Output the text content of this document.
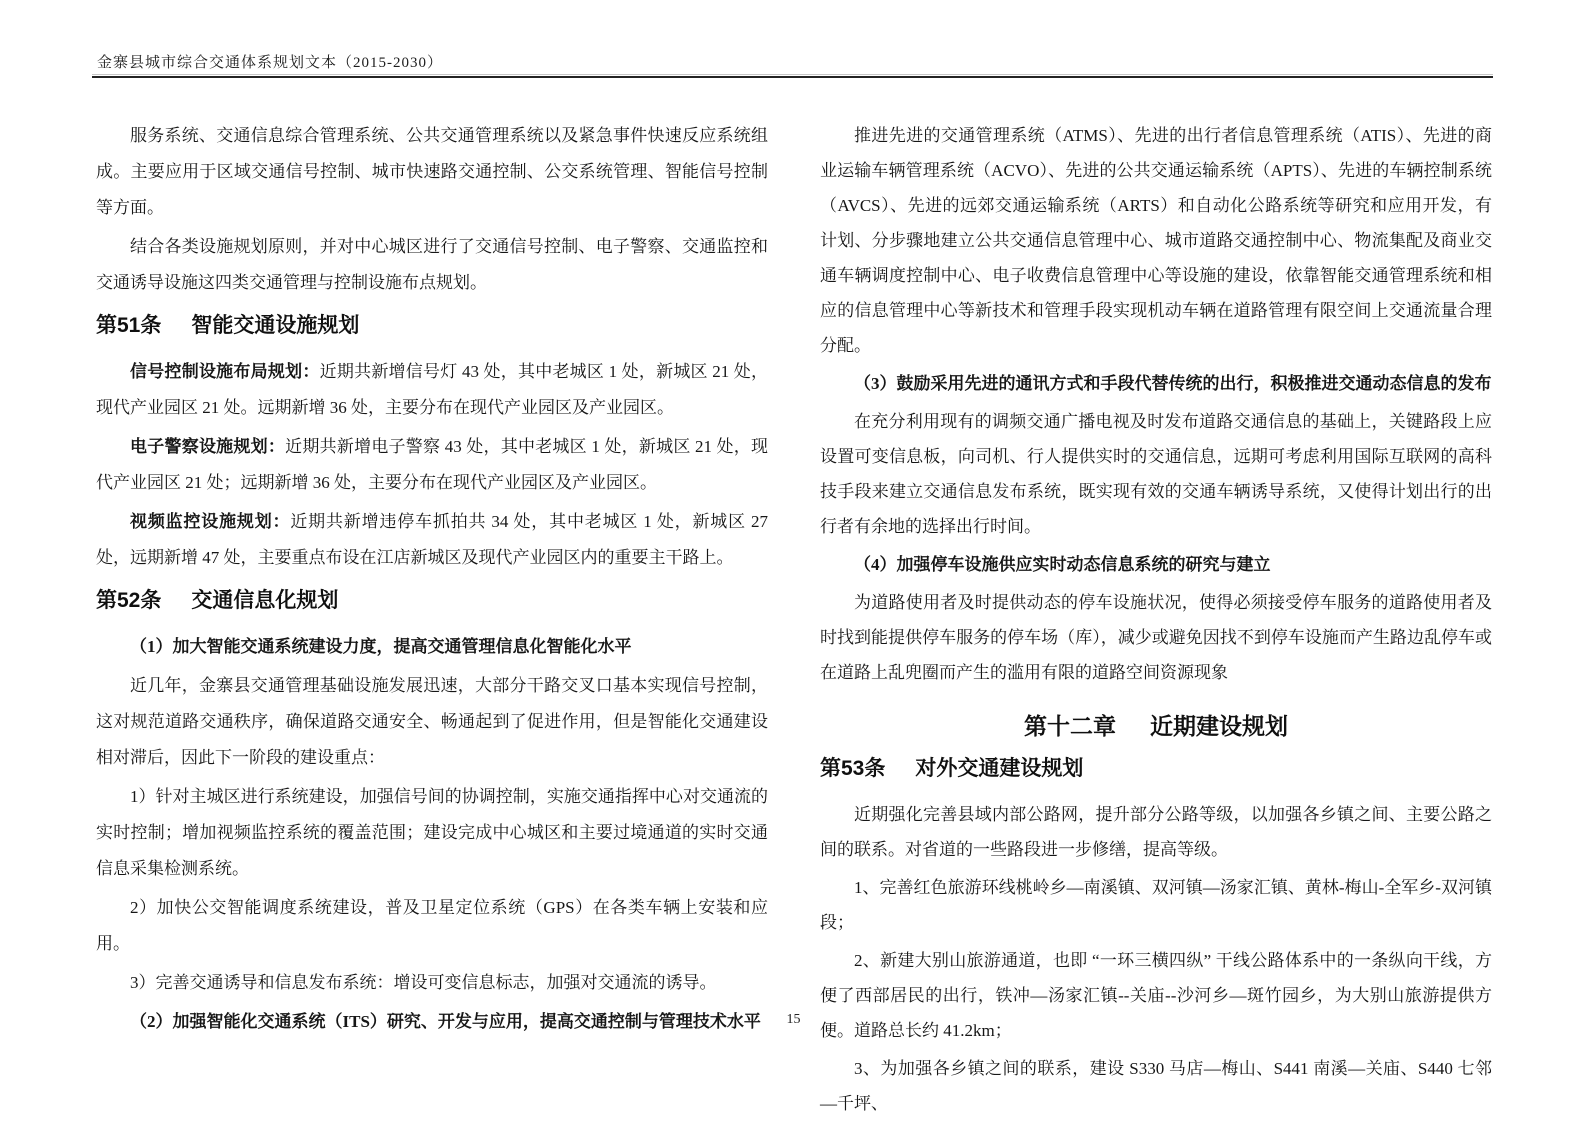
金寨县城市综合交通体系规划文本（2015-2030）

服务系统、交通信息综合管理系统、公共交通管理系统以及紧急事件快速反应系统组成。主要应用于区域交通信号控制、城市快速路交通控制、公交系统管理、智能信号控制等方面。

结合各类设施规划原则，并对中心城区进行了交通信号控制、电子警察、交通监控和交通诱导设施这四类交通管理与控制设施布点规划。

第51条 智能交通设施规划

信号控制设施布局规划：近期共新增信号灯 43 处，其中老城区 1 处，新城区 21 处，现代产业园区 21 处。远期新增 36 处，主要分布在现代产业园区及产业园区。

电子警察设施规划：近期共新增电子警察 43 处，其中老城区 1 处，新城区 21 处，现代产业园区 21 处；远期新增 36 处，主要分布在现代产业园区及产业园区。

视频监控设施规划：近期共新增违停车抓拍共 34 处，其中老城区 1 处，新城区 27 处，远期新增 47 处，主要重点布设在江店新城区及现代产业园区内的重要主干路上。

第52条 交通信息化规划

（1）加大智能交通系统建设力度，提高交通管理信息化智能化水平

近几年，金寨县交通管理基础设施发展迅速，大部分干路交叉口基本实现信号控制，这对规范道路交通秩序，确保道路交通安全、畅通起到了促进作用，但是智能化交通建设相对滞后，因此下一阶段的建设重点：

1）针对主城区进行系统建设，加强信号间的协调控制，实施交通指挥中心对交通流的实时控制；增加视频监控系统的覆盖范围；建设完成中心城区和主要过境通道的实时交通信息采集检测系统。

2）加快公交智能调度系统建设，普及卫星定位系统（GPS）在各类车辆上安装和应用。

3）完善交通诱导和信息发布系统：增设可变信息标志，加强对交通流的诱导。

（2）加强智能化交通系统（ITS）研究、开发与应用，提高交通控制与管理技术水平

推进先进的交通管理系统（ATMS）、先进的出行者信息管理系统（ATIS）、先进的商业运输车辆管理系统（ACVO）、先进的公共交通运输系统（APTS）、先进的车辆控制系统（AVCS）、先进的远郊交通运输系统（ARTS）和自动化公路系统等研究和应用开发，有计划、分步骤地建立公共交通信息管理中心、城市道路交通控制中心、物流集配及商业交通车辆调度控制中心、电子收费信息管理中心等设施的建设，依靠智能交通管理系统和相应的信息管理中心等新技术和管理手段实现机动车辆在道路管理有限空间上交通流量合理分配。

（3）鼓励采用先进的通讯方式和手段代替传统的出行，积极推进交通动态信息的发布

在充分利用现有的调频交通广播电视及时发布道路交通信息的基础上，关键路段上应设置可变信息板，向司机、行人提供实时的交通信息，远期可考虑利用国际互联网的高科技手段来建立交通信息发布系统，既实现有效的交通车辆诱导系统，又使得计划出行的出行者有余地的选择出行时间。

（4）加强停车设施供应实时动态信息系统的研究与建立

为道路使用者及时提供动态的停车设施状况，使得必须接受停车服务的道路使用者及时找到能提供停车服务的停车场（库），减少或避免因找不到停车设施而产生路边乱停车或在道路上乱兜圈而产生的滥用有限的道路空间资源现象

第十二章 近期建设规划
第53条 对外交通建设规划

近期强化完善县域内部公路网，提升部分公路等级，以加强各乡镇之间、主要公路之间的联系。对省道的一些路段进一步修缮，提高等级。

1、完善红色旅游环线桃岭乡—南溪镇、双河镇—汤家汇镇、黄林-梅山-全军乡-双河镇段；

2、新建大别山旅游通道，也即 “一环三横四纵” 干线公路体系中的一条纵向干线，方便了西部居民的出行，铁冲—汤家汇镇--关庙--沙河乡—斑竹园乡，为大别山旅游提供方便。道路总长约 41.2km；

3、为加强各乡镇之间的联系，建设 S330 马店—梅山、S441 南溪—关庙、S440 七邻—千坪、

15
